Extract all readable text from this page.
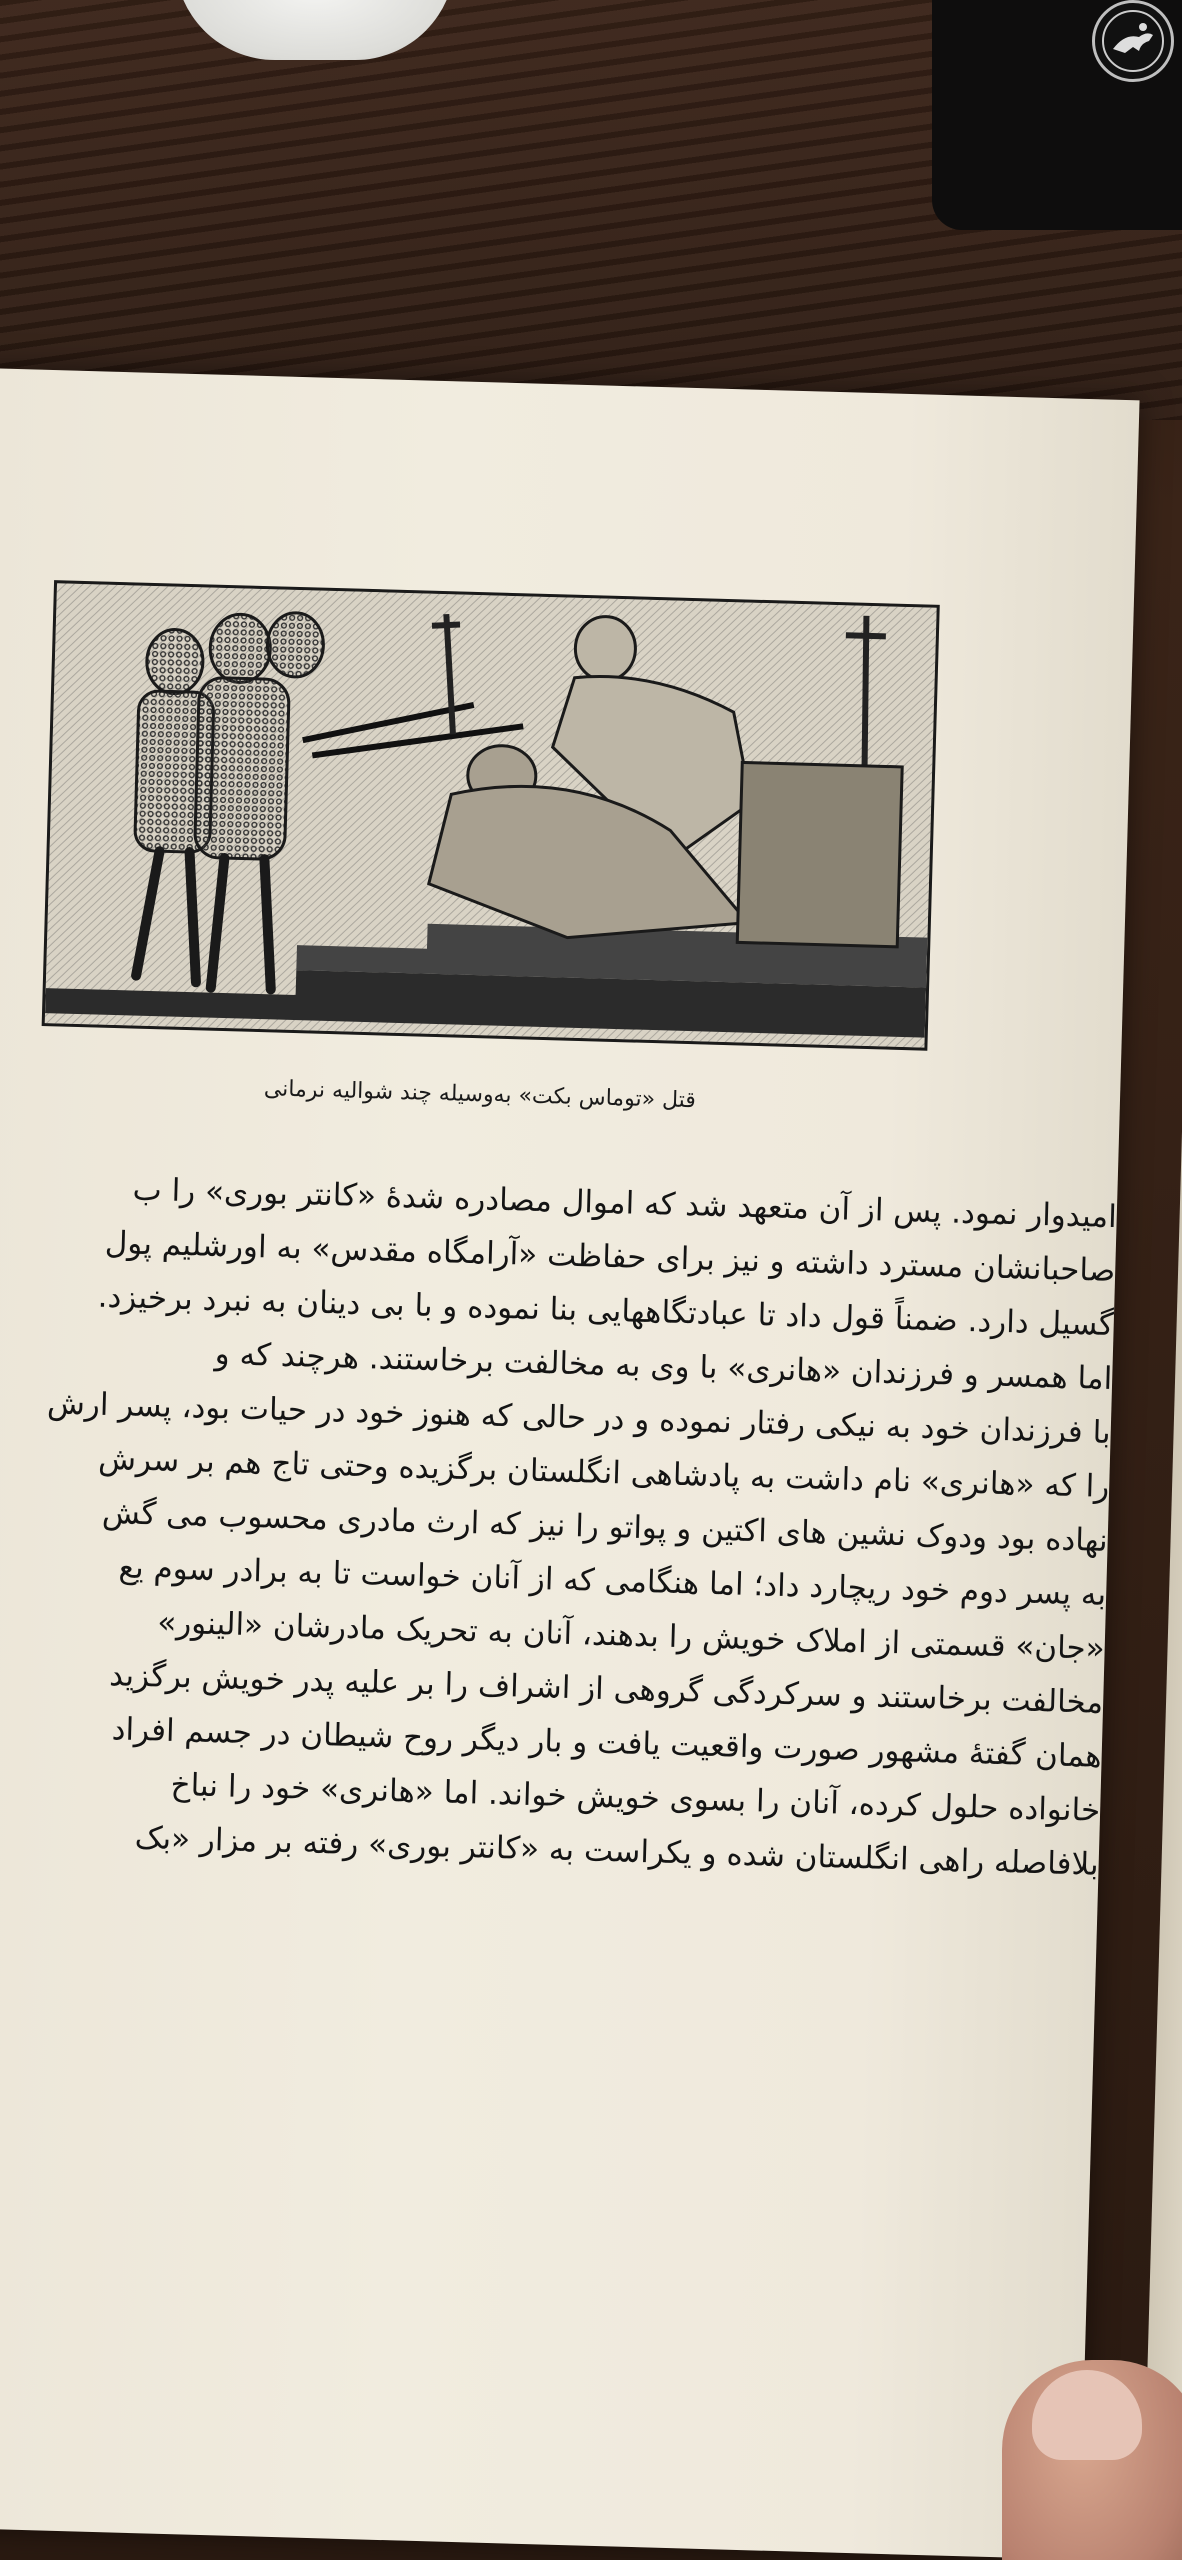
قتل «توماس بکت» به‌وسیله چند شوالیه نرمانی
امیدوار نمود. پس از آن متعهد شد که اموال مصادره شدهٔ «کانتر بوری» را ب
صاحبانشان مسترد داشته و نیز برای حفاظت «آرامگاه مقدس» به اورشلیم پول
گسیل دارد. ضمناً قول داد تا عبادتگاههایی بنا نموده و با بی دینان به نبرد برخیزد.
اما همسر و فرزندان «هانری» با وی به مخالفت برخاستند. هرچند که و
با فرزندان خود به نیکی رفتار نموده و در حالی که هنوز خود در حیات بود، پسر ارش
را که «هانری» نام داشت به پادشاهی انگلستان برگزیده وحتی تاج هم بر سرش
نهاده بود ودوک نشین های اکتین و پواتو را نیز که ارث مادری محسوب می گش
به پسر دوم خود ریچارد داد؛ اما هنگامی که از آنان خواست تا به برادر سوم یع
«جان» قسمتی از املاک خویش را بدهند، آنان به تحریک مادرشان «الینور»
مخالفت برخاستند و سرکردگی گروهی از اشراف را بر علیه پدر خویش برگزید
همان گفتهٔ مشهور صورت واقعیت یافت و بار دیگر روح شیطان در جسم افراد
خانواده حلول کرده، آنان را بسوی خویش خواند. اما «هانری» خود را نباخ
بلافاصله راهی انگلستان شده و یکراست به «کانتر بوری» رفته بر مزار «بک
